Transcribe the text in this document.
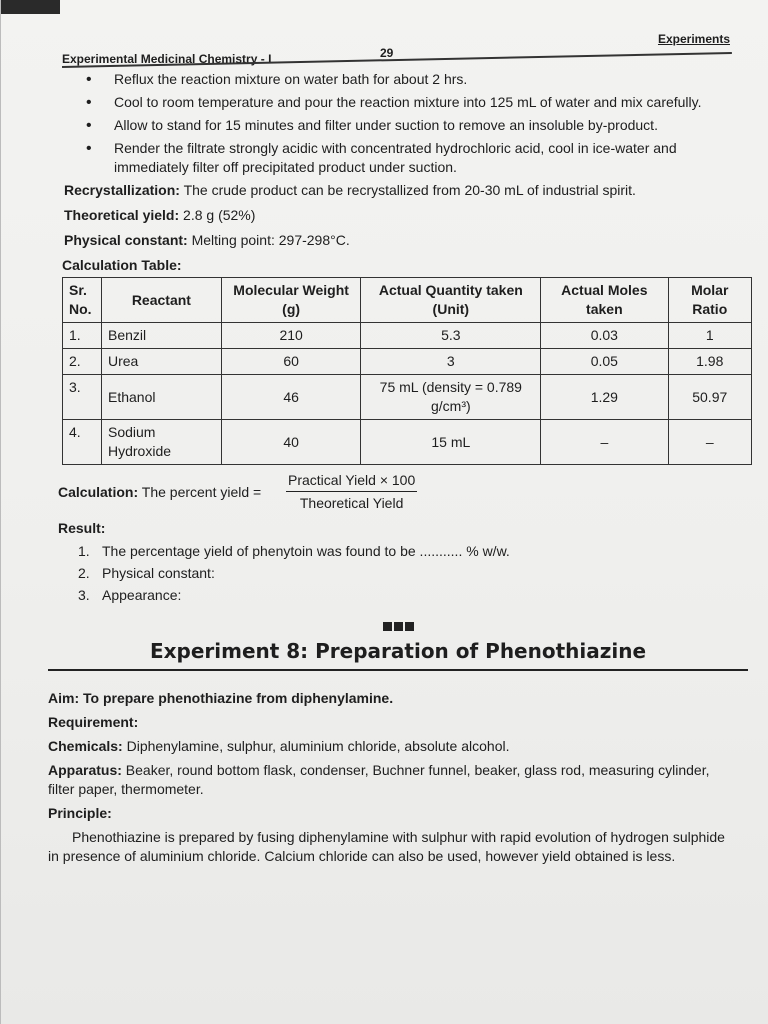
Experimental Medicinal Chemistry - I	29
Experiments
• Reflux the reaction mixture on water bath for about 2 hrs.
• Cool to room temperature and pour the reaction mixture into 125 mL of water and mix carefully.
• Allow to stand for 15 minutes and filter under suction to remove an insoluble by-product.
• Render the filtrate strongly acidic with concentrated hydrochloric acid, cool in ice-water and immediately filter off precipitated product under suction.
Recrystallization: The crude product can be recrystallized from 20-30 mL of industrial spirit.
Theoretical yield: 2.8 g (52%)
Physical constant: Melting point: 297-298°C.
Calculation Table:
Sr. No.	Reactant	Molecular Weight (g)	Actual Quantity taken (Unit)	Actual Moles taken	Molar Ratio
1.	Benzil	210	5.3	0.03	1
2.	Urea	60	3	0.05	1.98
3.	Ethanol	46	75 mL (density = 0.789 g/cm³)	1.29	50.97
4.	Sodium Hydroxide	40	15 mL	–	–
Calculation: The percent yield =
Practical Yield × 100
Theoretical Yield
Result:
1. The percentage yield of phenytoin was found to be ........... % w/w.
2. Physical constant:
3. Appearance:
Experiment 8: Preparation of Phenothiazine

Aim: To prepare phenothiazine from diphenylamine.

Requirement:

Chemicals: Diphenylamine, sulphur, aluminium chloride, absolute alcohol.

Apparatus: Beaker, round bottom flask, condenser, Buchner funnel, beaker, glass rod, measuring cylinder, filter paper, thermometer.

Principle:

Phenothiazine is prepared by fusing diphenylamine with sulphur with rapid evolution of hydrogen sulphide in presence of aluminium chloride. Calcium chloride can also be used, however yield obtained is less.
